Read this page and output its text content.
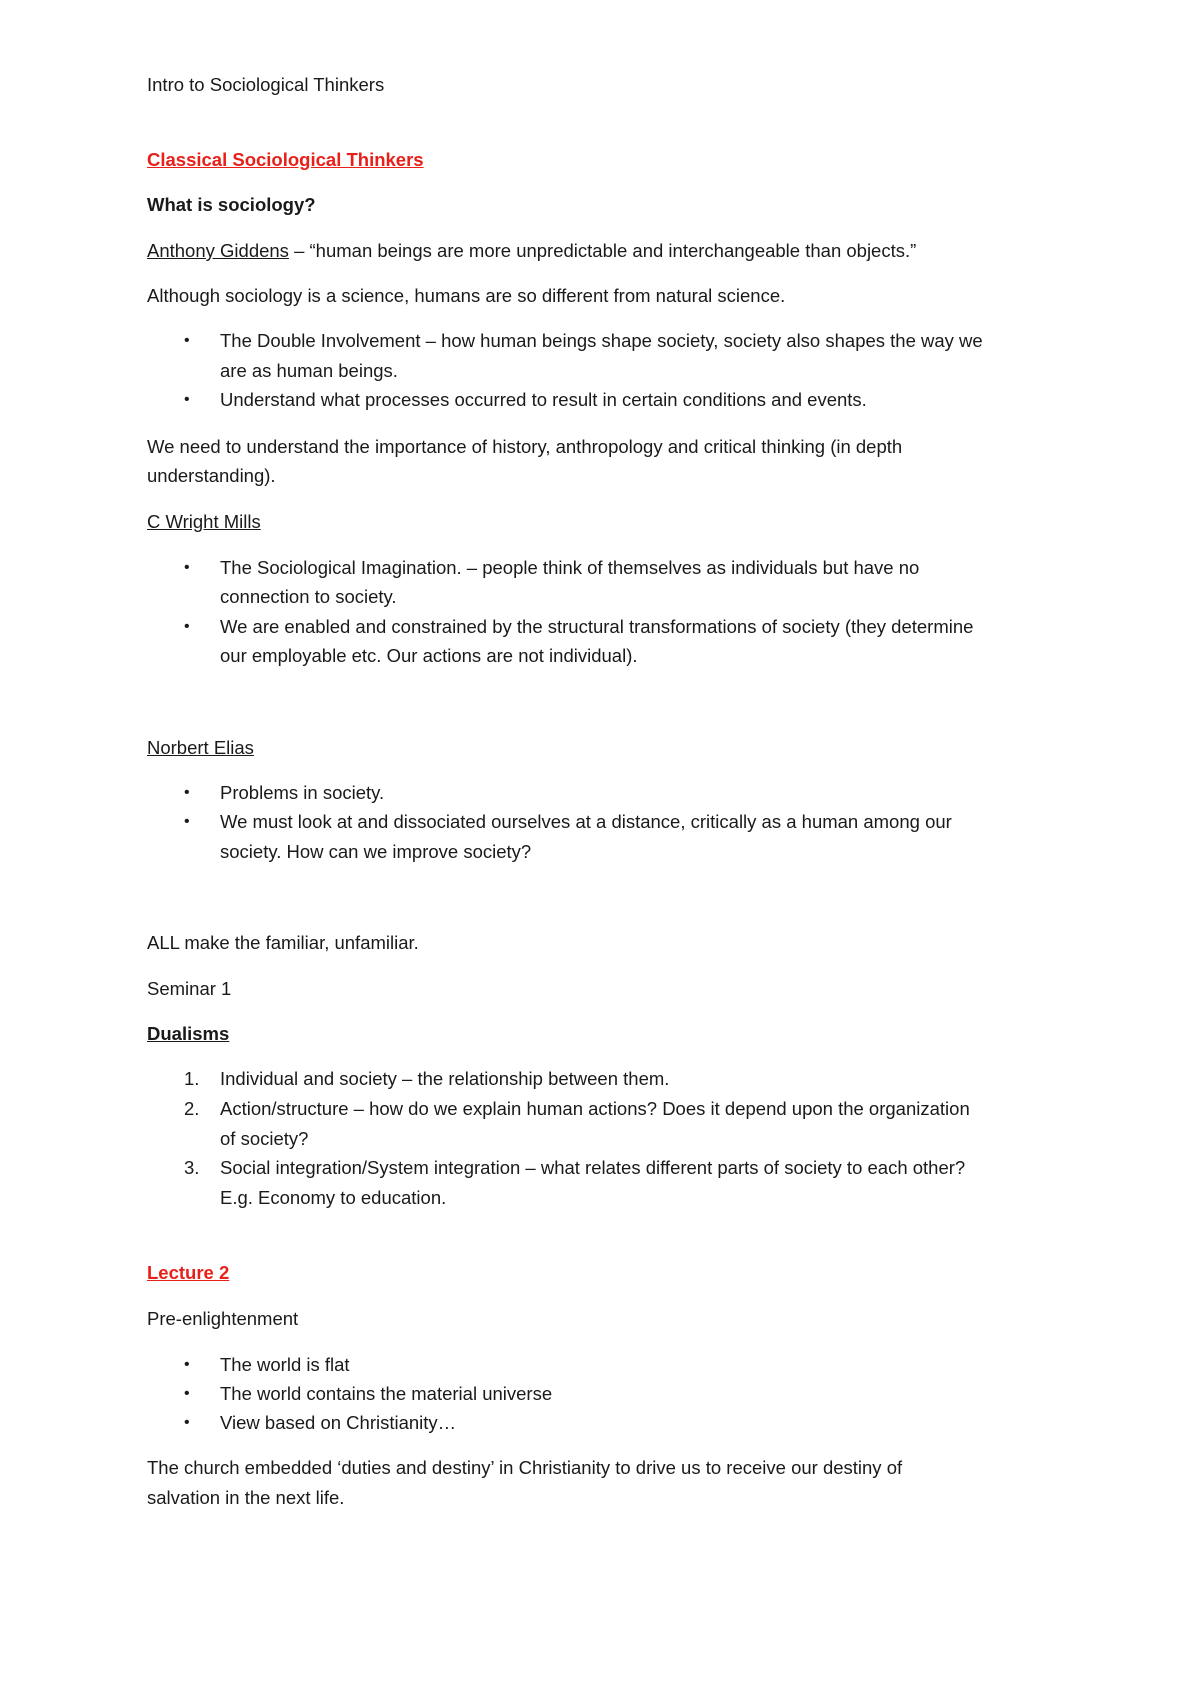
Intro to Sociological Thinkers

Classical Sociological Thinkers

What is sociology?

Anthony Giddens – “human beings are more unpredictable and interchangeable than objects.”

Although sociology is a science, humans are so different from natural science.

• The Double Involvement – how human beings shape society, society also shapes the way we

are as human beings.

• Understand what processes occurred to result in certain conditions and events.

We need to understand the importance of history, anthropology and critical thinking (in depth

understanding).

C Wright Mills

• The Sociological Imagination. – people think of themselves as individuals but have no

connection to society.

• We are enabled and constrained by the structural transformations of society (they determine

our employable etc. Our actions are not individual).

Norbert Elias

• Problems in society.

• We must look at and dissociated ourselves at a distance, critically as a human among our

society. How can we improve society?

ALL make the familiar, unfamiliar.

Seminar 1

Dualisms

1. Individual and society – the relationship between them.

2. Action/structure – how do we explain human actions? Does it depend upon the organization

of society?

3. Social integration/System integration – what relates different parts of society to each other?

E.g. Economy to education.

Lecture 2

Pre-enlightenment

• The world is flat

• The world contains the material universe

• View based on Christianity…

The church embedded ‘duties and destiny’ in Christianity to drive us to receive our destiny of

salvation in the next life.
